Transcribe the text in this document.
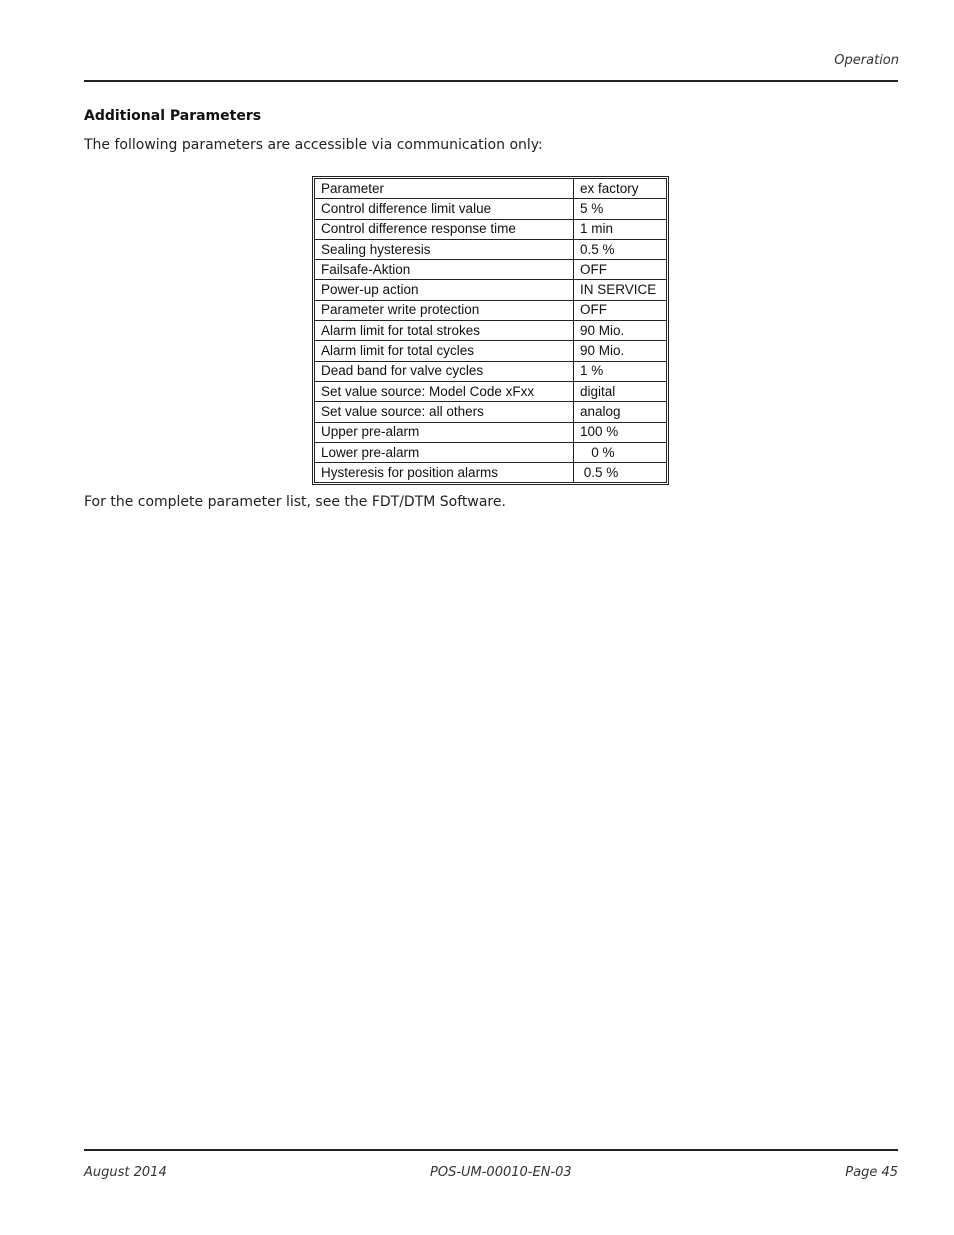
Operation
Additional Parameters
The following parameters are accessible via communication only:
Parameter	ex factory
Control difference limit value	5 %
Control difference response time	1 min
Sealing hysteresis	0.5 %
Failsafe-Aktion	OFF
Power-up action	IN SERVICE
Parameter write protection	OFF
Alarm limit for total strokes	90 Mio.
Alarm limit for total cycles	90 Mio.
Dead band for valve cycles	1 %
Set value source: Model Code xFxx	digital
Set value source: all others	analog
Upper pre-alarm	100 %
Lower pre-alarm	0 %
Hysteresis for position alarms	0.5 %
For the complete parameter list, see the FDT/DTM Software.
August 2014	POS-UM-00010-EN-03	Page 45
